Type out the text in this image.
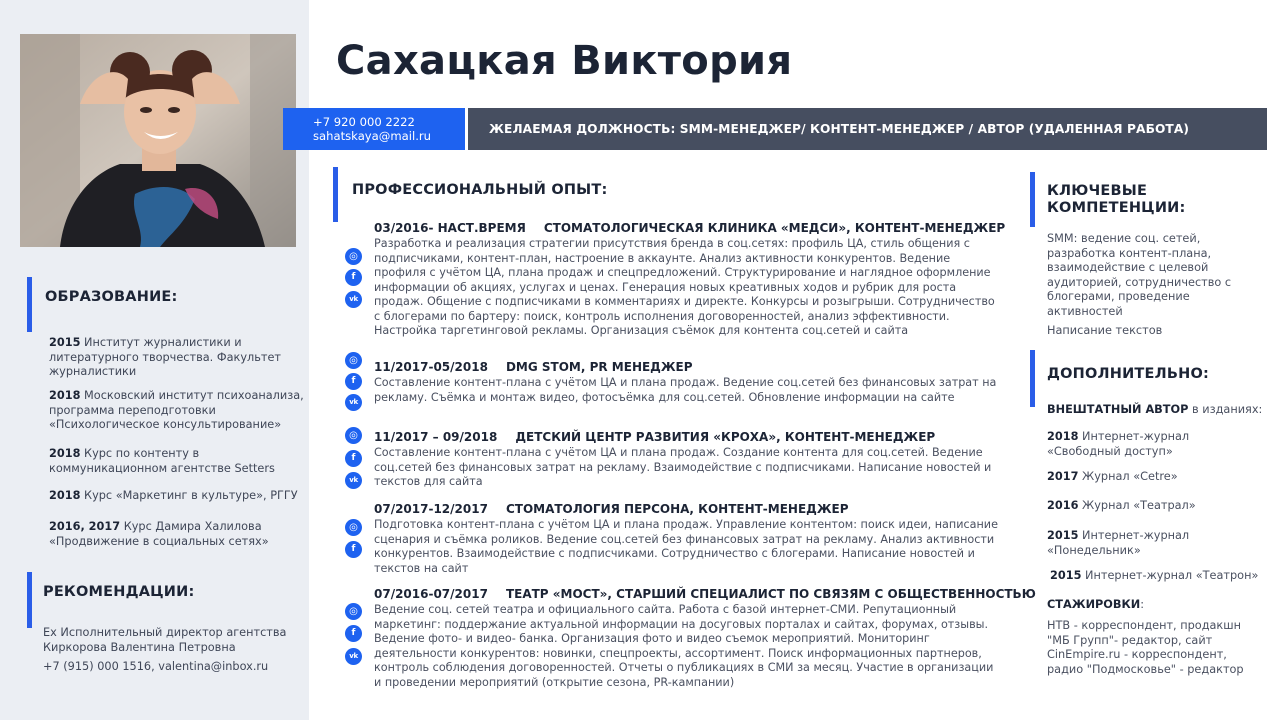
ОБРАЗОВАНИЕ:
2015 Институт журналистики и литературного творчества. Факультет журналистики
2018 Московский институт психоанализа, программа переподготовки «Психологическое консультирование»
2018 Курс по контенту в коммуникационном агентстве Setters
2018 Курс «Маркетинг в культуре», РГГУ
2016, 2017 Курс Дамира Халилова «Продвижение в социальных сетях»
РЕКОМЕНДАЦИИ:
Ех Исполнительный директор агентства Киркорова Валентина Петровна
+7 (915) 000 1516, valentina@inbox.ru
Сахацкая Виктория
+7 920 000 2222
sahatskaya@mail.ru	ЖЕЛАЕМАЯ ДОЛЖНОСТЬ: SMM-МЕНЕДЖЕР/ КОНТЕНТ-МЕНЕДЖЕР / АВТОР (УДАЛЕННАЯ РАБОТА)
ПРОФЕССИОНАЛЬНЫЙ ОПЫТ:
03/2016- НАСТ.ВРЕМЯ СТОМАТОЛОГИЧЕСКАЯ КЛИНИКА «МЕДСИ», КОНТЕНТ-МЕНЕДЖЕР
◎
f
vk
Разработка и реализация стратегии присутствия бренда в соц.сетях: профиль ЦА, стиль общения с подписчиками, контент-план, настроение в аккаунте. Анализ активности конкурентов. Ведение профиля с учётом ЦА, плана продаж и спецпредложений. Структурирование и наглядное оформление информации об акциях, услугах и ценах. Генерация новых креативных ходов и рубрик для роста продаж. Общение с подписчиками в комментариях и директе. Конкурсы и розыгрыши. Сотрудничество с блогерами по бартеру: поиск, контроль исполнения договоренностей, анализ эффективности. Настройка таргетинговой рекламы. Организация съёмок для контента соц.сетей и сайта
11/2017-05/2018 DMG STOM, PR МЕНЕДЖЕР
◎
f
vk
Составление контент-плана с учётом ЦА и плана продаж. Ведение соц.сетей без финансовых затрат на рекламу. Съёмка и монтаж видео, фотосъёмка для соц.сетей. Обновление информации на сайте
11/2017 – 09/2018 ДЕТСКИЙ ЦЕНТР РАЗВИТИЯ «КРОХА», КОНТЕНТ-МЕНЕДЖЕР
◎
f
vk
Составление контент-плана с учётом ЦА и плана продаж. Создание контента для соц.сетей. Ведение соц.сетей без финансовых затрат на рекламу. Взаимодействие с подписчиками. Написание новостей и текстов для сайта
07/2017-12/2017 СТОМАТОЛОГИЯ ПЕРСОНА, КОНТЕНТ-МЕНЕДЖЕР
◎
f
Подготовка контент-плана с учётом ЦА и плана продаж. Управление контентом: поиск идеи, написание сценария и съёмка роликов. Ведение соц.сетей без финансовых затрат на рекламу. Анализ активности конкурентов. Взаимодействие с подписчиками. Сотрудничество с блогерами. Написание новостей и текстов на сайт
07/2016-07/2017 ТЕАТР «МОСТ», СТАРШИЙ СПЕЦИАЛИСТ ПО СВЯЗЯМ С ОБЩЕСТВЕННОСТЬЮ
◎
f
vk
Ведение соц. сетей театра и официального сайта. Работа с базой интернет-СМИ. Репутационный маркетинг: поддержание актуальной информации на досуговых порталах и сайтах, форумах, отзывы. Ведение фото- и видео- банка. Организация фото и видео съемок мероприятий. Мониторинг деятельности конкурентов: новинки, спецпроекты, ассортимент. Поиск информационных партнеров, контроль соблюдения договоренностей. Отчеты о публикациях в СМИ за месяц. Участие в организации и проведении мероприятий (открытие сезона, PR-кампании)
КЛЮЧЕВЫЕ
КОМПЕТЕНЦИИ:
SMM: ведение соц. сетей, разработка контент-плана, взаимодействие с целевой аудиторией, сотрудничество с блогерами, проведение активностей
Написание текстов
ДОПОЛНИТЕЛЬНО:
ВНЕШТАТНЫЙ АВТОР в изданиях:
2018 Интернет-журнал «Свободный доступ»
2017 Журнал «Cetre»
2016 Журнал «Театрал»
2015 Интернет-журнал «Понедельник»
2015 Интернет-журнал «Театрон»
СТАЖИРОВКИ:
НТВ - корреспондент, продакшн "МБ Групп"- редактор, сайт CinEmpire.ru - корреспондент, радио "Подмосковье" - редактор
